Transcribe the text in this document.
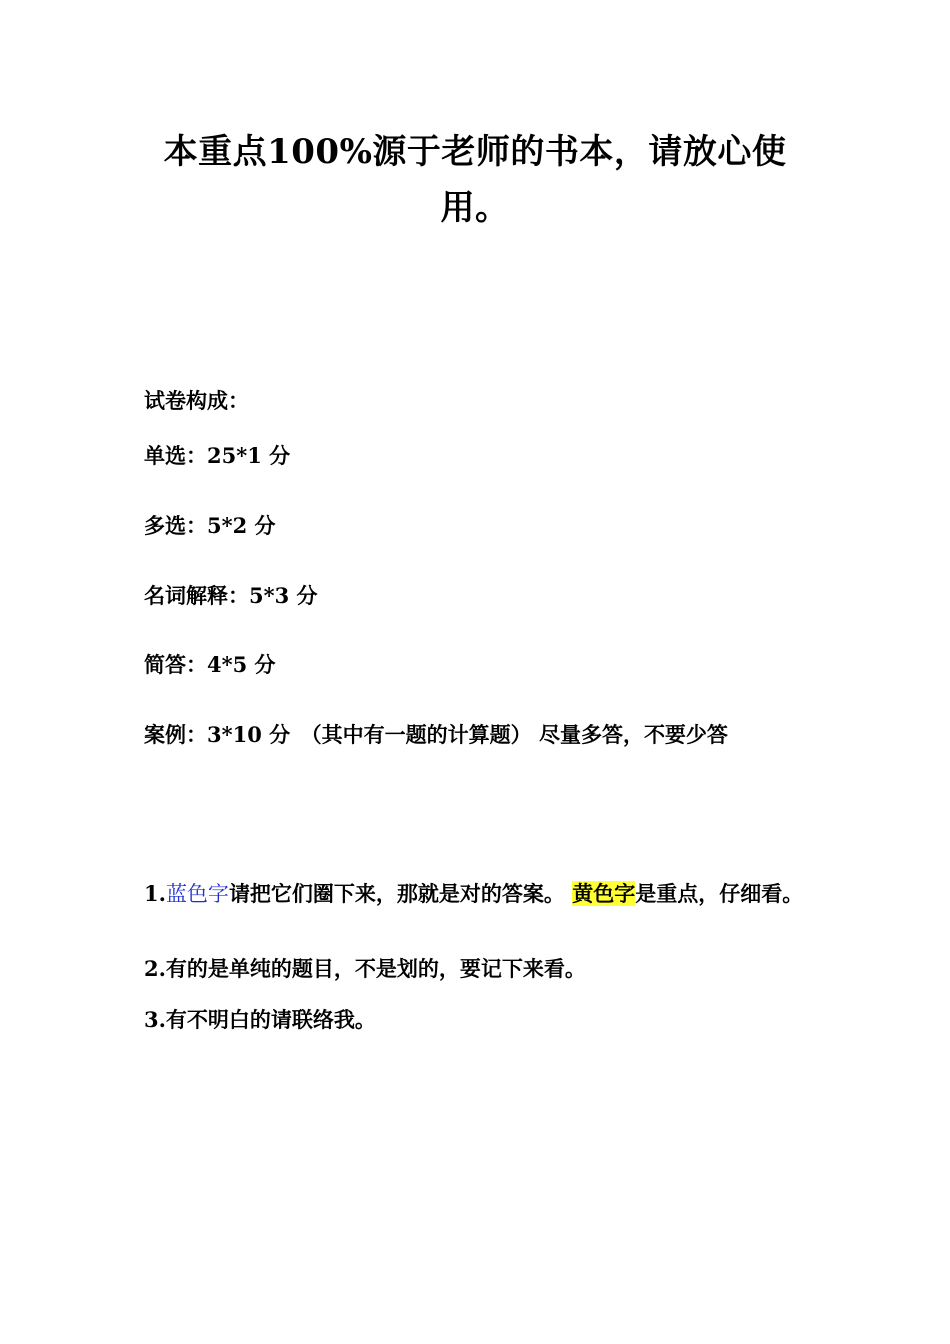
本重点100%源于老师的书本，请放心使
用。
试卷构成：
单选：25*1 分
多选：5*2 分
名词解释：5*3 分
简答：4*5 分
案例：3*10 分　（其中有一题的计算题） 尽量多答，不要少答
1.蓝色字请把它们圈下来，那就是对的答案。 黄色字是重点，仔细看。
2.有的是单纯的题目，不是划的，要记下来看。
3.有不明白的请联络我。
